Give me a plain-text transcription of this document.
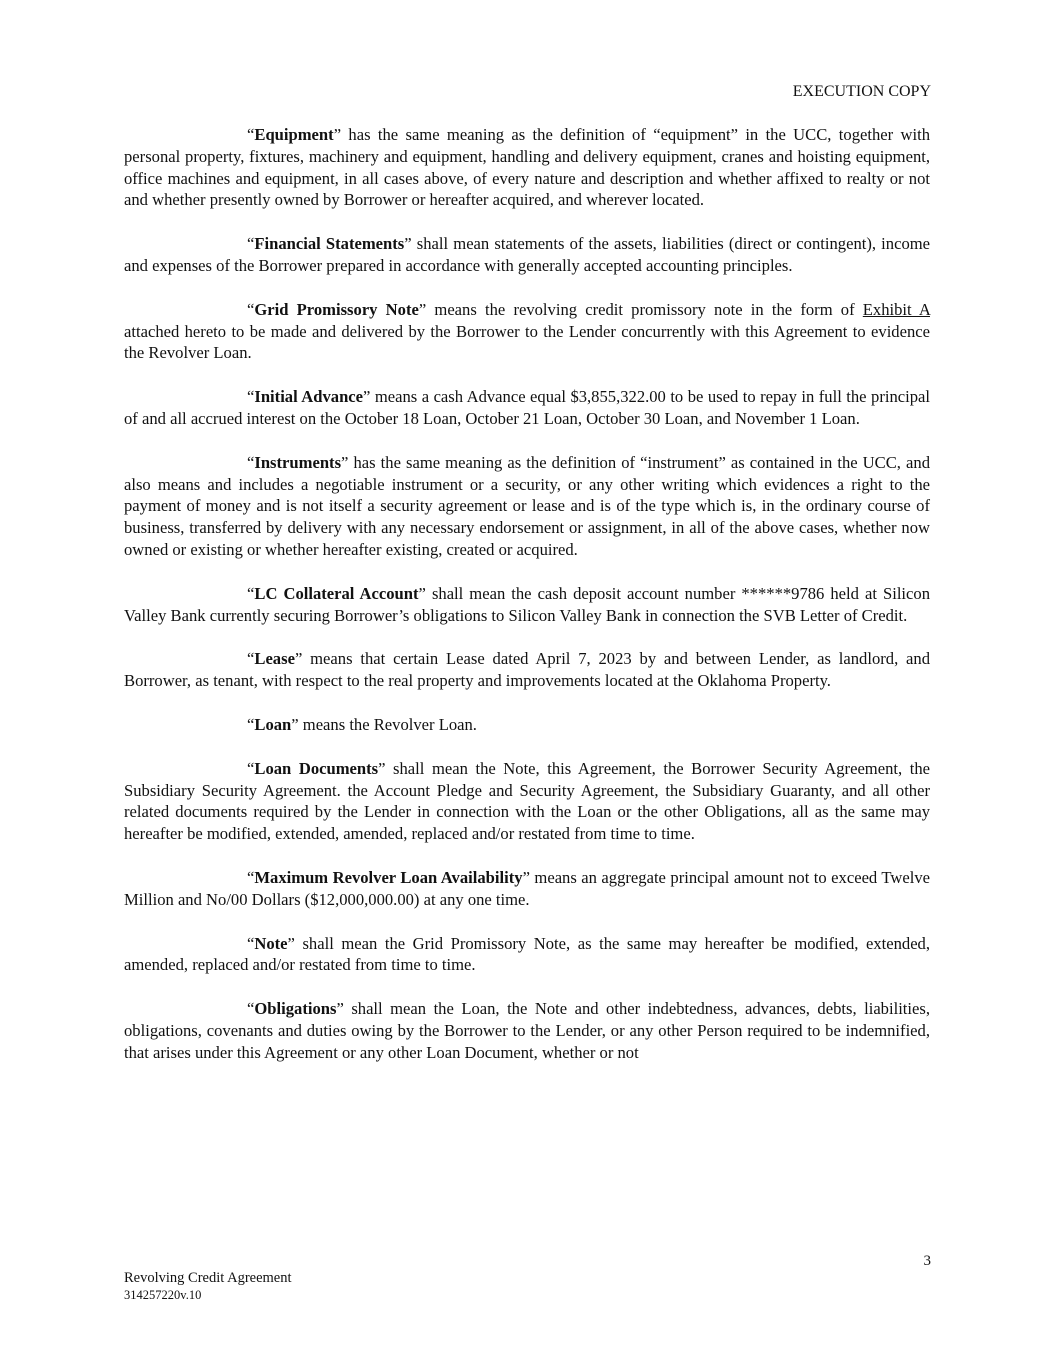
EXECUTION COPY

“Equipment” has the same meaning as the definition of “equipment” in the UCC, together with personal property, fixtures, machinery and equipment, handling and delivery equipment, cranes and hoisting equipment, office machines and equipment, in all cases above, of every nature and description and whether affixed to realty or not and whether presently owned by Borrower or hereafter acquired, and wherever located.

“Financial Statements” shall mean statements of the assets, liabilities (direct or contingent), income and expenses of the Borrower prepared in accordance with generally accepted accounting principles.

“Grid Promissory Note” means the revolving credit promissory note in the form of Exhibit A attached hereto to be made and delivered by the Borrower to the Lender concurrently with this Agreement to evidence the Revolver Loan.

“Initial Advance” means a cash Advance equal $3,855,322.00 to be used to repay in full the principal of and all accrued interest on the October 18 Loan, October 21 Loan, October 30 Loan, and November 1 Loan.

“Instruments” has the same meaning as the definition of “instrument” as contained in the UCC, and also means and includes a negotiable instrument or a security, or any other writing which evidences a right to the payment of money and is not itself a security agreement or lease and is of the type which is, in the ordinary course of business, transferred by delivery with any necessary endorsement or assignment, in all of the above cases, whether now owned or existing or whether hereafter existing, created or acquired.

“LC Collateral Account” shall mean the cash deposit account number ******9786 held at Silicon Valley Bank currently securing Borrower’s obligations to Silicon Valley Bank in connection the SVB Letter of Credit.

“Lease” means that certain Lease dated April 7, 2023 by and between Lender, as landlord, and Borrower, as tenant, with respect to the real property and improvements located at the Oklahoma Property.

“Loan” means the Revolver Loan.

“Loan Documents” shall mean the Note, this Agreement, the Borrower Security Agreement, the Subsidiary Security Agreement. the Account Pledge and Security Agreement, the Subsidiary Guaranty, and all other related documents required by the Lender in connection with the Loan or the other Obligations, all as the same may hereafter be modified, extended, amended, replaced and/or restated from time to time.

“Maximum Revolver Loan Availability” means an aggregate principal amount not to exceed Twelve Million and No/00 Dollars ($12,000,000.00) at any one time.

“Note” shall mean the Grid Promissory Note, as the same may hereafter be modified, extended, amended, replaced and/or restated from time to time.

“Obligations” shall mean the Loan, the Note and other indebtedness, advances, debts, liabilities, obligations, covenants and duties owing by the Borrower to the Lender, or any other Person required to be indemnified, that arises under this Agreement or any other Loan Document, whether or not

3
Revolving Credit Agreement
314257220v.10
